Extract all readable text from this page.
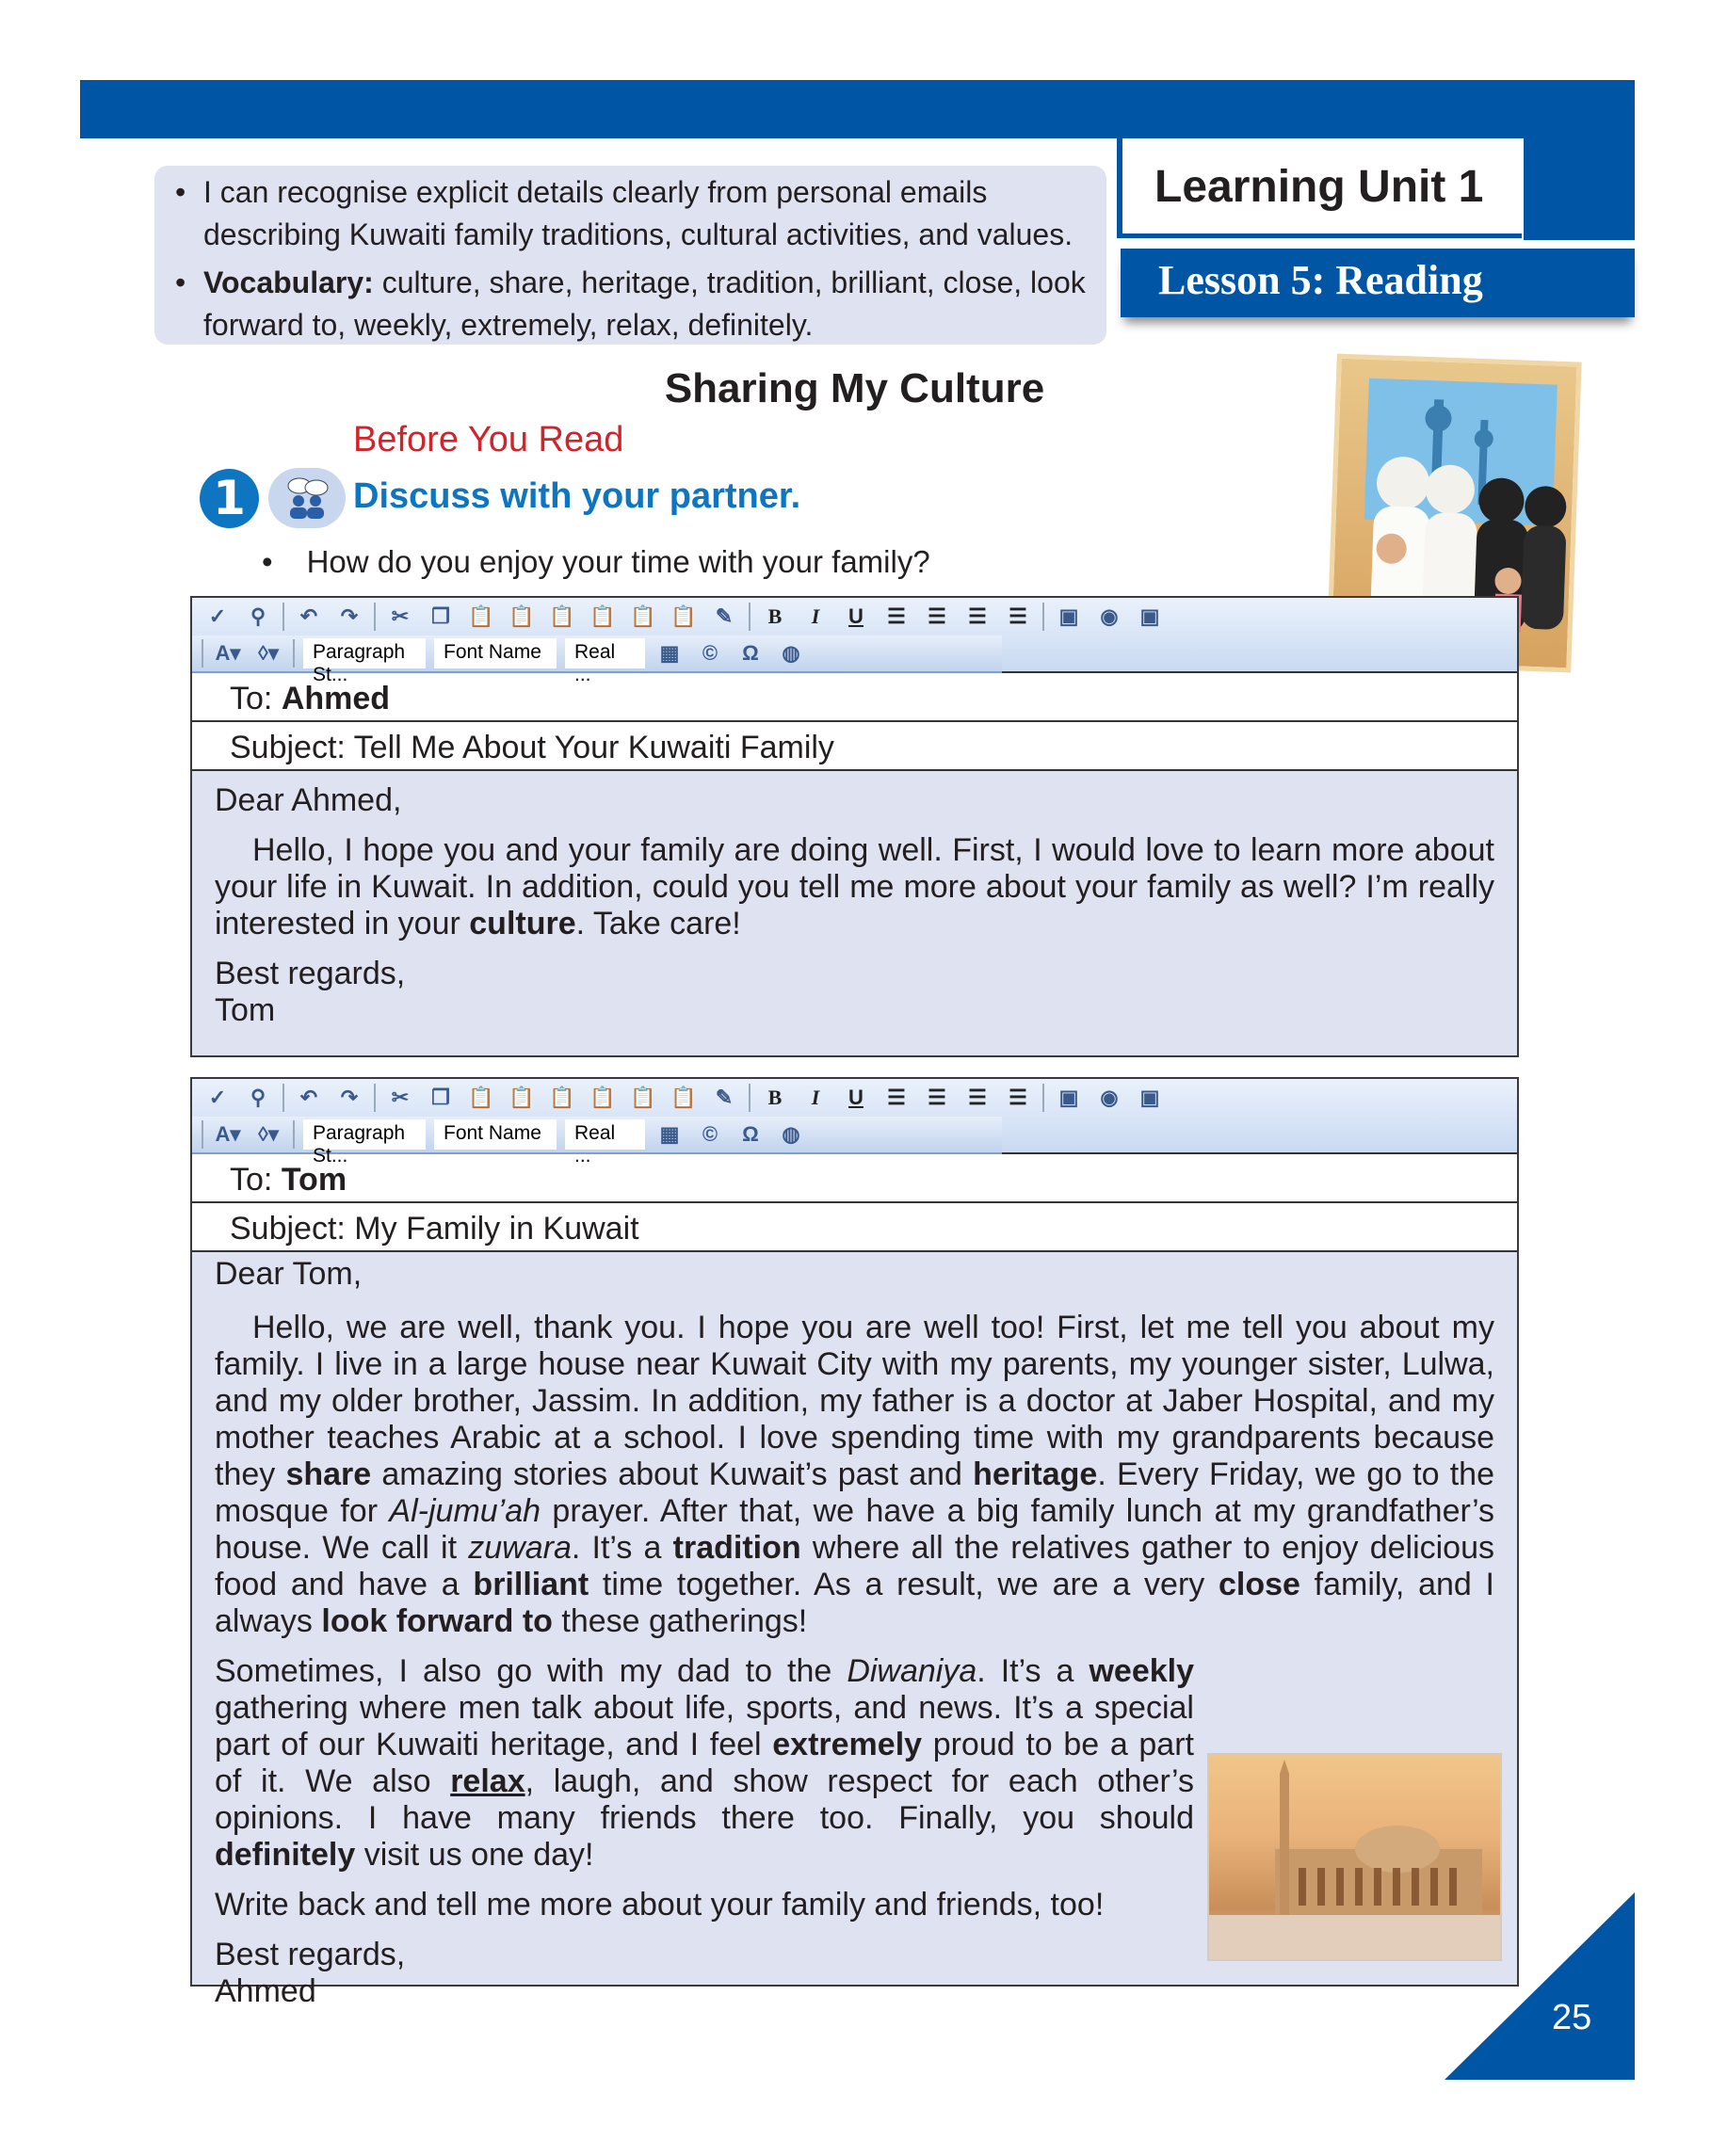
Learning Unit 1
Lesson 5: Reading
• I can recognise explicit details clearly from personal emails describing Kuwaiti family traditions, cultural activities, and values.
• Vocabulary: culture, share, heritage, tradition, brilliant, close, look forward to, weekly, extremely, relax, definitely.
Sharing My Culture
Before You Read
1	Discuss with your partner.
• How do you enjoy your time with your family?
✓	⚲	↶	↷	✂	❐ 📋 📋 📋 📋 📋 📋 ✎	B	I	U	☰	☰	☰	☰	▣	◉	▣
A▾ ◊▾	Paragraph St...
Font Name	Real ...
▦	©	Ω	◍
To: Ahmed
Subject: Tell Me About Your Kuwaiti Family

Dear Ahmed,

Hello, I hope you and your family are doing well. First, I would love to learn more about your life in Kuwait. In addition, could you tell me more about your family as well? I’m really interested in your culture. Take care!

Best regards,
Tom

✓	⚲	↶	↷	✂	❐ 📋 📋 📋 📋 📋 📋 ✎	B	I	U	☰	☰	☰	☰	▣	◉	▣
A▾ ◊▾	Paragraph St...
Font Name	Real ...
▦	©	Ω	◍
To: Tom
Subject: My Family in Kuwait

Dear Tom,

Hello, we are well, thank you. I hope you are well too! First, let me tell you about my family. I live in a large house near Kuwait City with my parents, my younger sister, Lulwa, and my older brother, Jassim. In addition, my father is a doctor at Jaber Hospital, and my mother teaches Arabic at a school. I love spending time with my grandparents because they share amazing stories about Kuwait’s past and heritage. Every Friday, we go to the mosque for Al-jumu’ah prayer. After that, we have a big family lunch at my grandfather’s house. We call it zuwara. It’s a tradition where all the relatives gather to enjoy delicious food and have a brilliant time together. As a result, we are a very close family, and I always look forward to these gatherings!

Sometimes, I also go with my dad to the Diwaniya. It’s a weekly gathering where men talk about life, sports, and news. It’s a special part of our Kuwaiti heritage, and I feel extremely proud to be a part of it. We also relax, laugh, and show respect for each other’s opinions. I have many friends there too. Finally, you should definitely visit us one day!

Write back and tell me more about your family and friends, too!

Best regards,
Ahmed

25
